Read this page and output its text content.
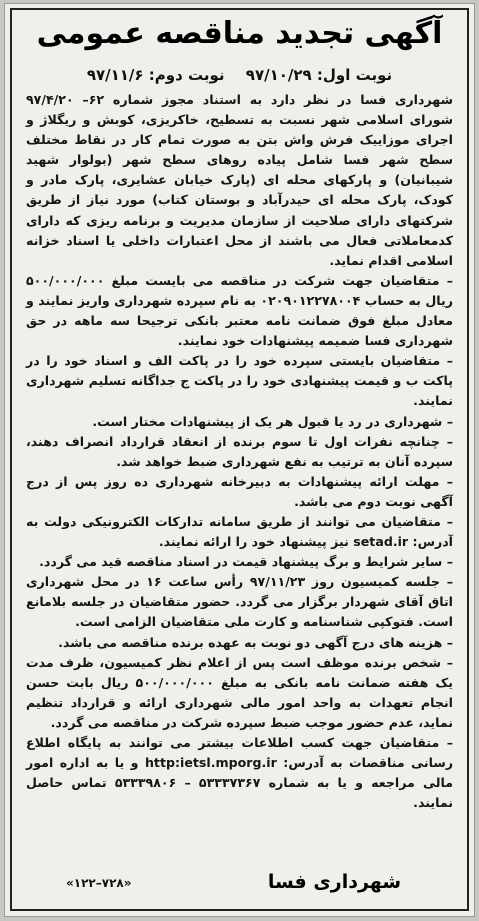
آگهی تجدید مناقصه عمومی
نوبت اول: ۹۷/۱۰/۲۹ نوبت دوم: ۹۷/۱۱/۶

شهرداری فسا در نظر دارد به استناد مجوز شماره ۶۲– ۹۷/۴/۲۰ شورای اسلامی شهر نسبت به تسطیح، خاکریزی، کوبش و ریگلاژ و اجرای موزاییک فرش واش بتن به صورت تمام کار در نقاط مختلف سطح شهر فسا شامل پیاده روهای سطح شهر (بولوار شهید شیبانیان) و پارکهای محله ای (پارک خیابان عشایری، پارک مادر و کودک، پارک محله ای حیدرآباد و بوستان کتاب) مورد نیاز از طریق شرکتهای دارای صلاحیت از سازمان مدیریت و برنامه ریزی که دارای کدمعاملاتی فعال می باشند از محل اعتبارات داخلی یا اسناد خزانه اسلامی اقدام نماید.

– متقاضیان جهت شرکت در مناقصه می بایست مبلغ ۵۰۰/۰۰۰/۰۰۰ ریال به حساب ۰۲۰۹۰۱۲۲۷۸۰۰۴ به نام سپرده شهرداری واریز نمایند و معادل مبلغ فوق ضمانت نامه معتبر بانکی ترجیحا سه ماهه در حق شهرداری فسا ضمیمه پیشنهادات خود نمایند.

– متقاضیان بایستی سپرده خود را در پاکت الف و اسناد خود را در پاکت ب و قیمت پیشنهادی خود را در پاکت ج جداگانه تسلیم شهرداری نمایند.

– شهرداری در رد یا قبول هر یک از پیشنهادات مختار است.

– چنانچه نفرات اول تا سوم برنده از انعقاد قرارداد انصراف دهند، سپرده آنان به ترتیب به نفع شهرداری ضبط خواهد شد.

– مهلت ارائه پیشنهادات به دبیرخانه شهرداری ده روز پس از درج آگهی نوبت دوم می باشد.

– متقاضیان می توانند از طریق سامانه تدارکات الکترونیکی دولت به آدرس: setad.ir نیز پیشنهاد خود را ارائه نمایند.

– سایر شرایط و برگ پیشنهاد قیمت در اسناد مناقصه قید می گردد.

– جلسه کمیسیون روز ۹۷/۱۱/۲۳ رأس ساعت ۱۶ در محل شهرداری اتاق آقای شهردار برگزار می گردد. حضور متقاضیان در جلسه بلامانع است. فتوکپی شناسنامه و کارت ملی متقاضیان الزامی است.

– هزینه های درج آگهی دو نوبت به عهده برنده مناقصه می باشد.

– شخص برنده موظف است پس از اعلام نظر کمیسیون، ظرف مدت یک هفته ضمانت نامه بانکی به مبلغ ۵۰۰/۰۰۰/۰۰۰ ریال بابت حسن انجام تعهدات به واحد امور مالی شهرداری ارائه و قرارداد تنظیم نماید، عدم حضور موجب ضبط سپرده شرکت در مناقصه می گردد.

– متقاضیان جهت کسب اطلاعات بیشتر می توانند به پایگاه اطلاع رسانی مناقصات به آدرس: http:ietsl.mporg.ir و یا به اداره امور مالی مراجعه و یا به شماره ۵۳۳۳۷۳۶۷ – ۵۳۳۳۹۸۰۶ تماس حاصل نمایند.

شهرداری فسا
«۷۲۸–۱۲۲»
